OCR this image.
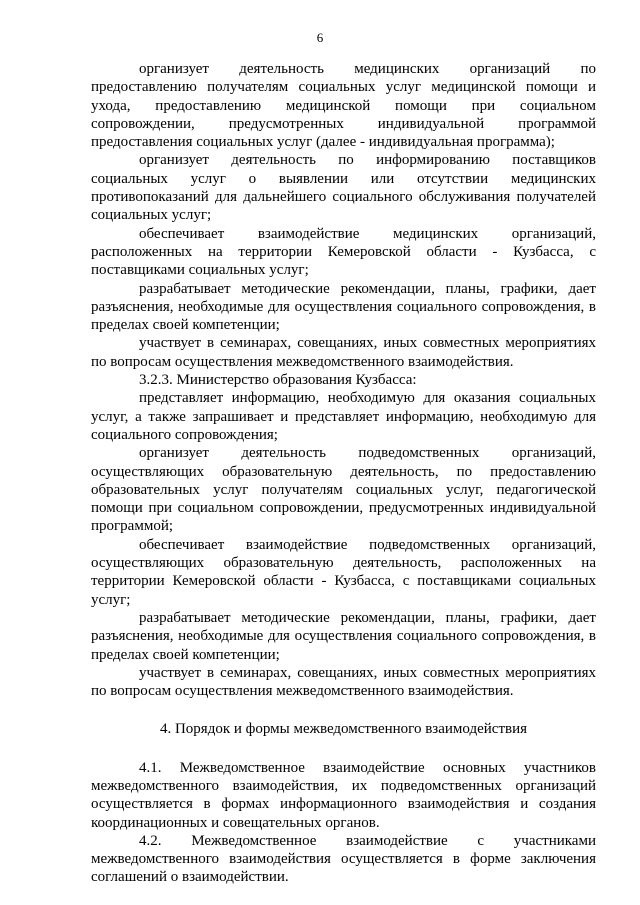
6

организует деятельность медицинских организаций по предоставлению получателям социальных услуг медицинской помощи и ухода, предоставлению медицинской помощи при социальном сопровождении, предусмотренных индивидуальной программой предоставления социальных услуг (далее - индивидуальная программа);

организует деятельность по информированию поставщиков социальных услуг о выявлении или отсутствии медицинских противопоказаний для дальнейшего социального обслуживания получателей социальных услуг;

обеспечивает взаимодействие медицинских организаций, расположенных на территории Кемеровской области - Кузбасса, с поставщиками социальных услуг;

разрабатывает методические рекомендации, планы, графики, дает разъяснения, необходимые для осуществления социального сопровождения, в пределах своей компетенции;

участвует в семинарах, совещаниях, иных совместных мероприятиях по вопросам осуществления межведомственного взаимодействия.

3.2.3. Министерство образования Кузбасса:

представляет информацию, необходимую для оказания социальных услуг, а также запрашивает и представляет информацию, необходимую для социального сопровождения;

организует деятельность подведомственных организаций, осуществляющих образовательную деятельность, по предоставлению образовательных услуг получателям социальных услуг, педагогической помощи при социальном сопровождении, предусмотренных индивидуальной программой;

обеспечивает взаимодействие подведомственных организаций, осуществляющих образовательную деятельность, расположенных на территории Кемеровской области - Кузбасса, с поставщиками социальных услуг;

разрабатывает методические рекомендации, планы, графики, дает разъяснения, необходимые для осуществления социального сопровождения, в пределах своей компетенции;

участвует в семинарах, совещаниях, иных совместных мероприятиях по вопросам осуществления межведомственного взаимодействия.

4. Порядок и формы межведомственного взаимодействия

4.1. Межведомственное взаимодействие основных участников межведомственного взаимодействия, их подведомственных организаций осуществляется в формах информационного взаимодействия и создания координационных и совещательных органов.

4.2. Межведомственное взаимодействие с участниками межведомственного взаимодействия осуществляется в форме заключения соглашений о взаимодействии.
